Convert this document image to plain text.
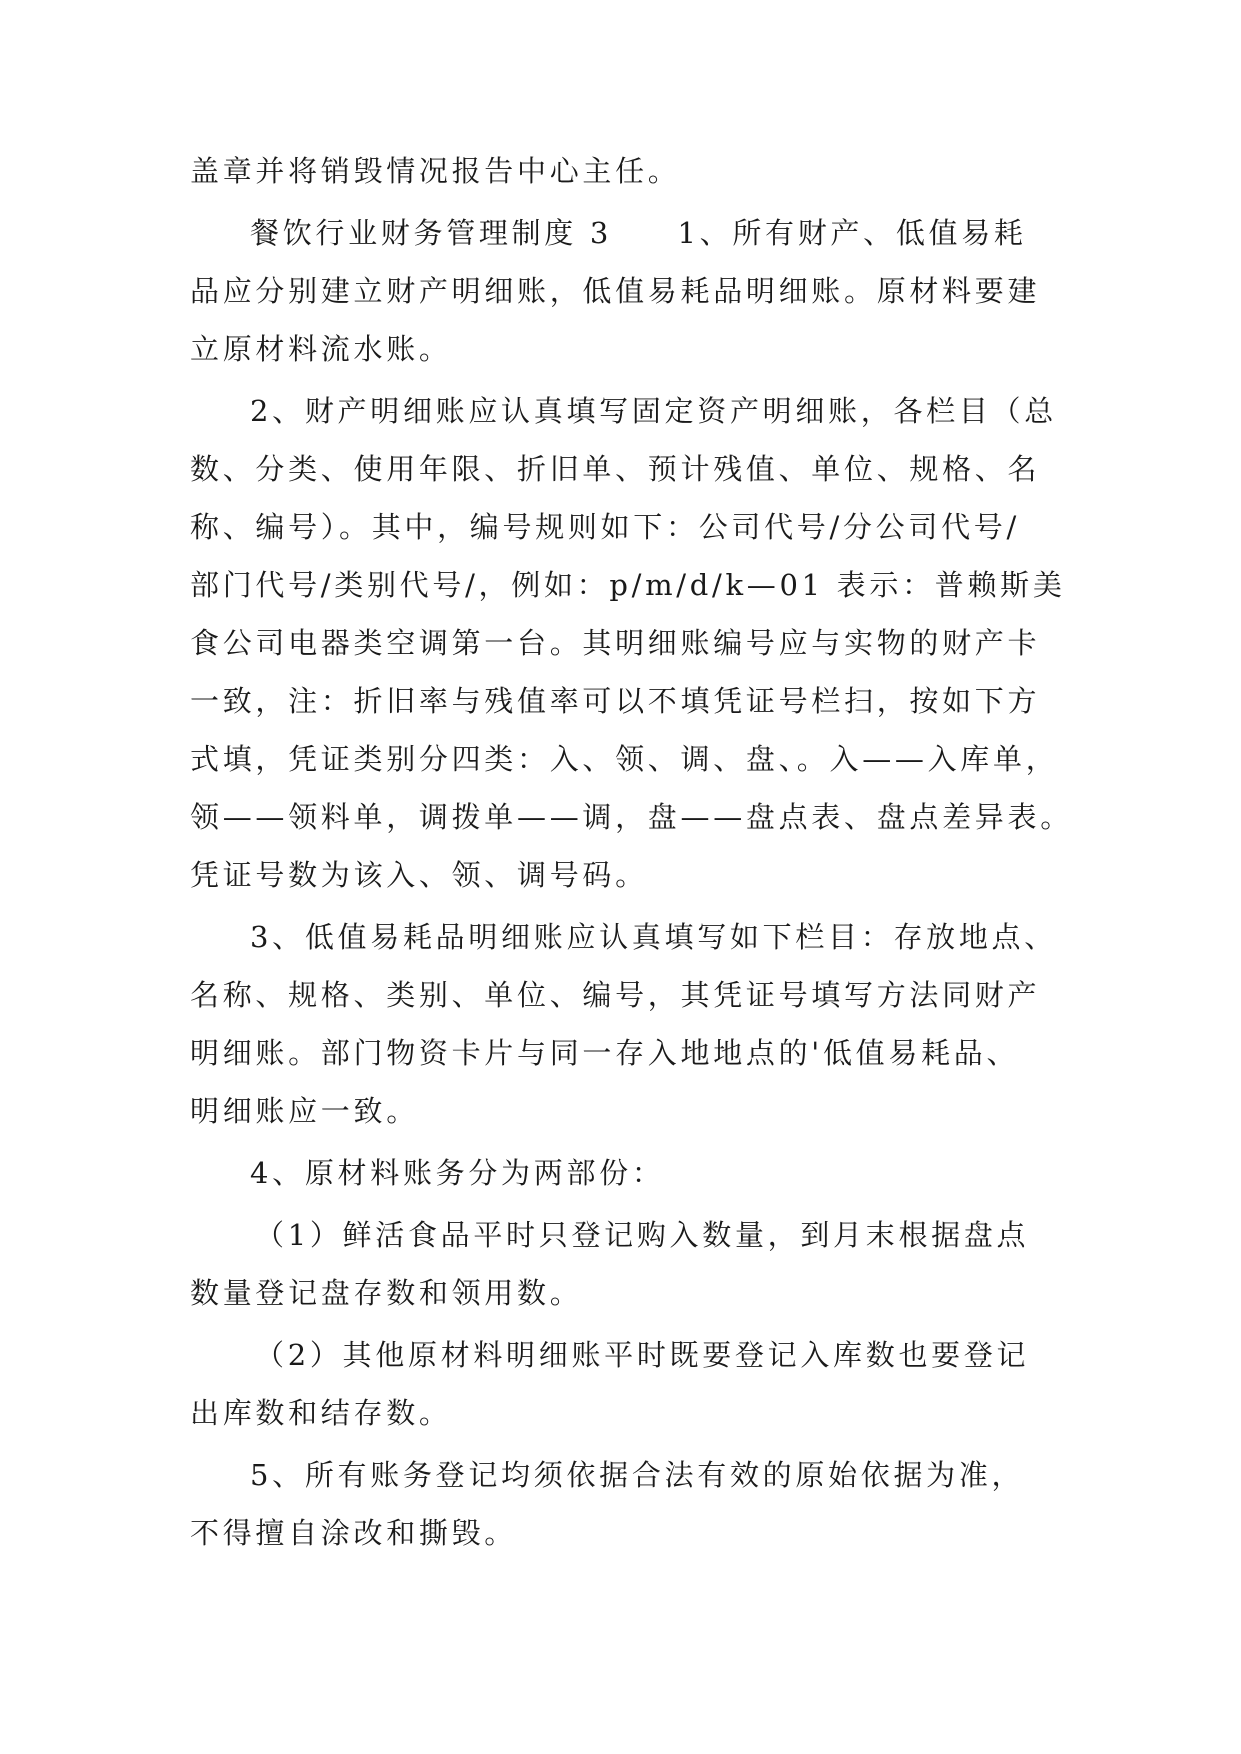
盖章并将销毁情况报告中心主任。
餐饮行业财务管理制度 3　　1、所有财产、低值易耗
品应分别建立财产明细账，低值易耗品明细账。原材料要建
立原材料流水账。
2、财产明细账应认真填写固定资产明细账，各栏目（总
数、分类、使用年限、折旧单、预计残值、单位、规格、名
称、编号）。其中，编号规则如下：公司代号/分公司代号/
部门代号/类别代号/，例如：p/m/d/k—01 表示：普赖斯美
食公司电器类空调第一台。其明细账编号应与实物的财产卡
一致，注：折旧率与残值率可以不填凭证号栏扫，按如下方
式填，凭证类别分四类：入、领、调、盘、。入——入库单，
领——领料单，调拨单——调，盘——盘点表、盘点差异表。
凭证号数为该入、领、调号码。
3、低值易耗品明细账应认真填写如下栏目：存放地点、
名称、规格、类别、单位、编号，其凭证号填写方法同财产
明细账。部门物资卡片与同一存入地地点的'低值易耗品、
明细账应一致。
4、原材料账务分为两部份：
（1）鲜活食品平时只登记购入数量，到月末根据盘点
数量登记盘存数和领用数。
（2）其他原材料明细账平时既要登记入库数也要登记
出库数和结存数。
5、所有账务登记均须依据合法有效的原始依据为准，
不得擅自涂改和撕毁。
